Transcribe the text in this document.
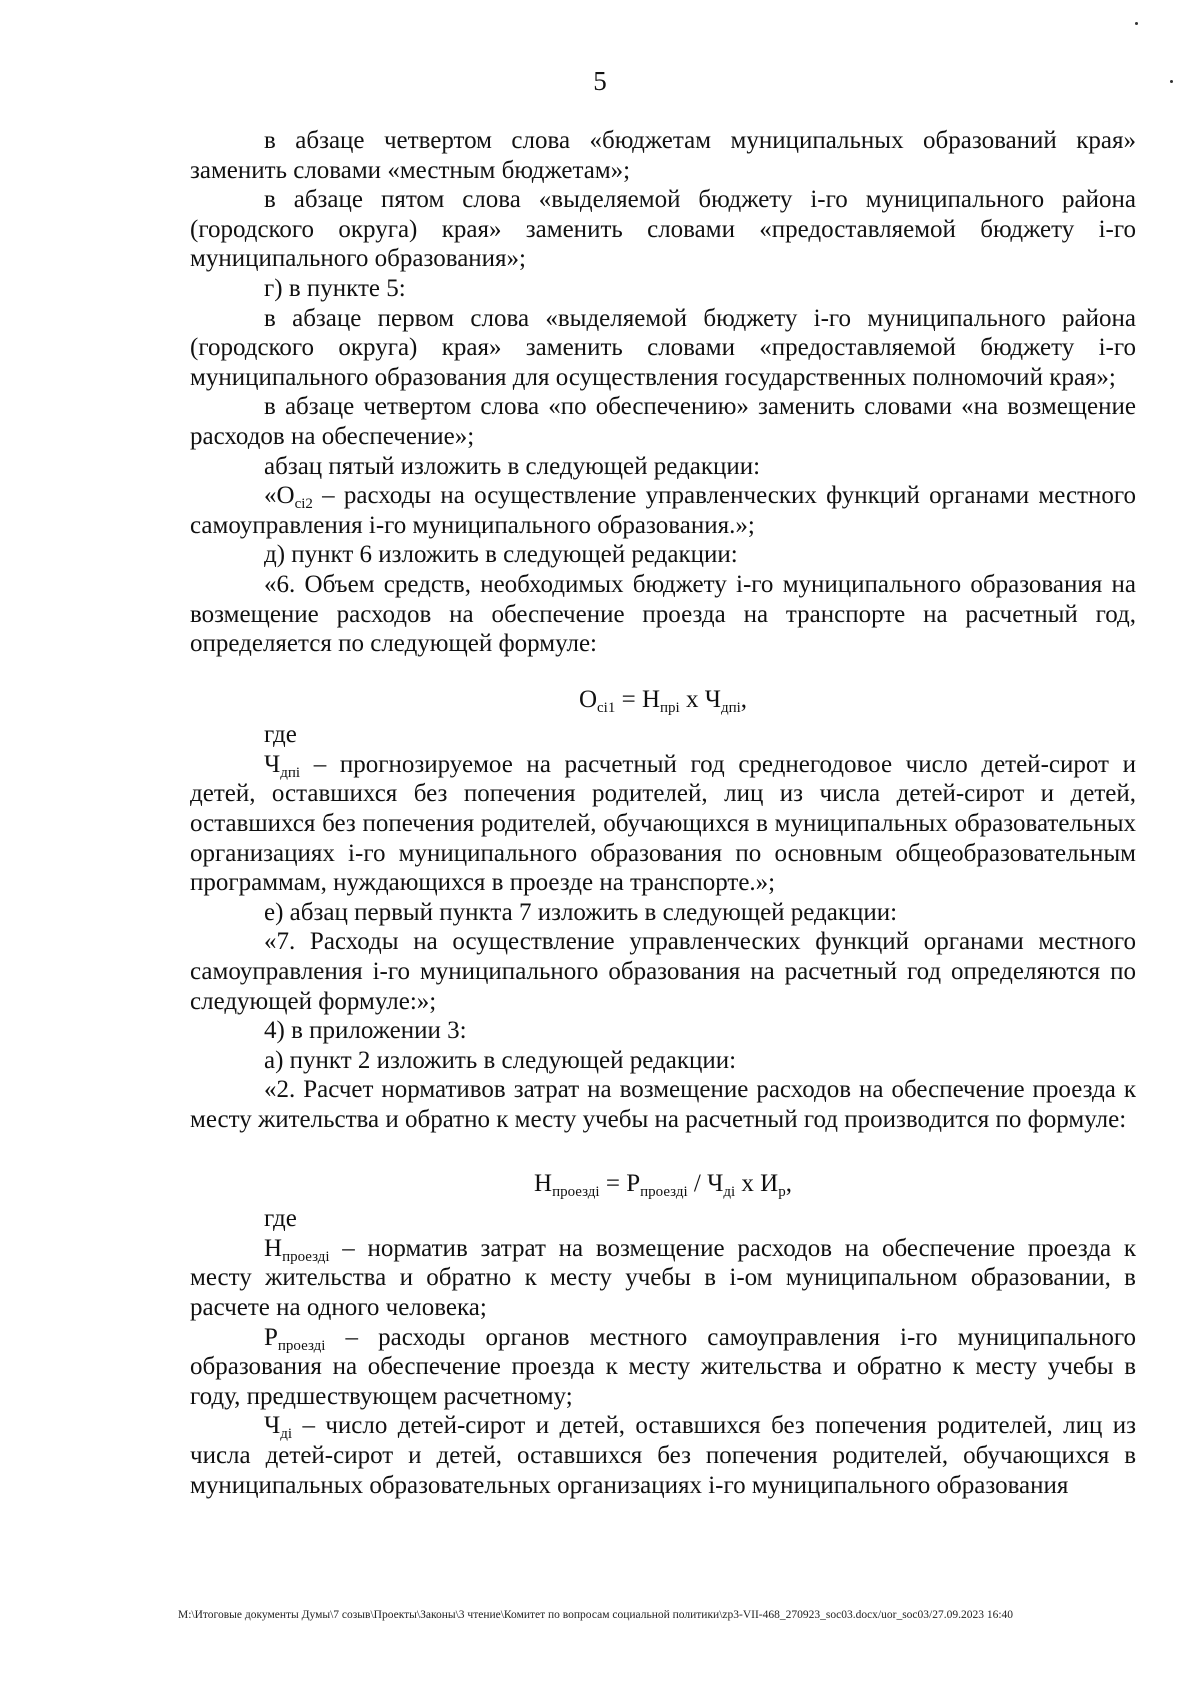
5

в абзаце четвертом слова «бюджетам муниципальных образований края» заменить словами «местным бюджетам»;

в абзаце пятом слова «выделяемой бюджету i-го муниципального района (городского округа) края» заменить словами «предоставляемой бюджету i-го муниципального образования»;

г) в пункте 5:

в абзаце первом слова «выделяемой бюджету i-го муниципального района (городского округа) края» заменить словами «предоставляемой бюджету i-го муниципального образования для осуществления государственных полномочий края»;

в абзаце четвертом слова «по обеспечению» заменить словами «на возмещение расходов на обеспечение»;

абзац пятый изложить в следующей редакции:

«$О_{сi2}$ – расходы на осуществление управленческих функций органами местного самоуправления i-го муниципального образования.»;

д) пункт 6 изложить в следующей редакции:

«6. Объем средств, необходимых бюджету i-го муниципального образования на возмещение расходов на обеспечение проезда на транспорте на расчетный год, определяется по следующей формуле:

$О_{сi1} = Н_{прi}$ х $Ч_{дпi}$,

где

$Ч_{дпi}$ – прогнозируемое на расчетный год среднегодовое число детей-сирот и детей, оставшихся без попечения родителей, лиц из числа детей-сирот и детей, оставшихся без попечения родителей, обучающихся в муниципальных образовательных организациях i-го муниципального образования по основным общеобразовательным программам, нуждающихся в проезде на транспорте.»;

е) абзац первый пункта 7 изложить в следующей редакции:

«7. Расходы на осуществление управленческих функций органами местного самоуправления i-го муниципального образования на расчетный год определяются по следующей формуле:»;

4) в приложении 3:

а) пункт 2 изложить в следующей редакции:

«2. Расчет нормативов затрат на возмещение расходов на обеспечение проезда к месту жительства и обратно к месту учебы на расчетный год производится по формуле:

$Н_{проездi} = Р_{проездi} / Ч_{дi}$ х $И_р$,

где

$Н_{проездi}$ – норматив затрат на возмещение расходов на обеспечение проезда к месту жительства и обратно к месту учебы в i-ом муниципальном образовании, в расчете на одного человека;

$Р_{проездi}$ – расходы органов местного самоуправления i-го муниципального образования на обеспечение проезда к месту жительства и обратно к месту учебы в году, предшествующем расчетному;

$Ч_{дi}$ – число детей-сирот и детей, оставшихся без попечения родителей, лиц из числа детей-сирот и детей, оставшихся без попечения родителей, обучающихся в муниципальных образовательных организациях i-го муниципального образования

М:\Итоговые документы Думы\7 созыв\Проекты\Законы\3 чтение\Комитет по вопросам социальной политики\zp3-VII-468_270923_soc03.docx/uor_soc03/27.09.2023 16:40
